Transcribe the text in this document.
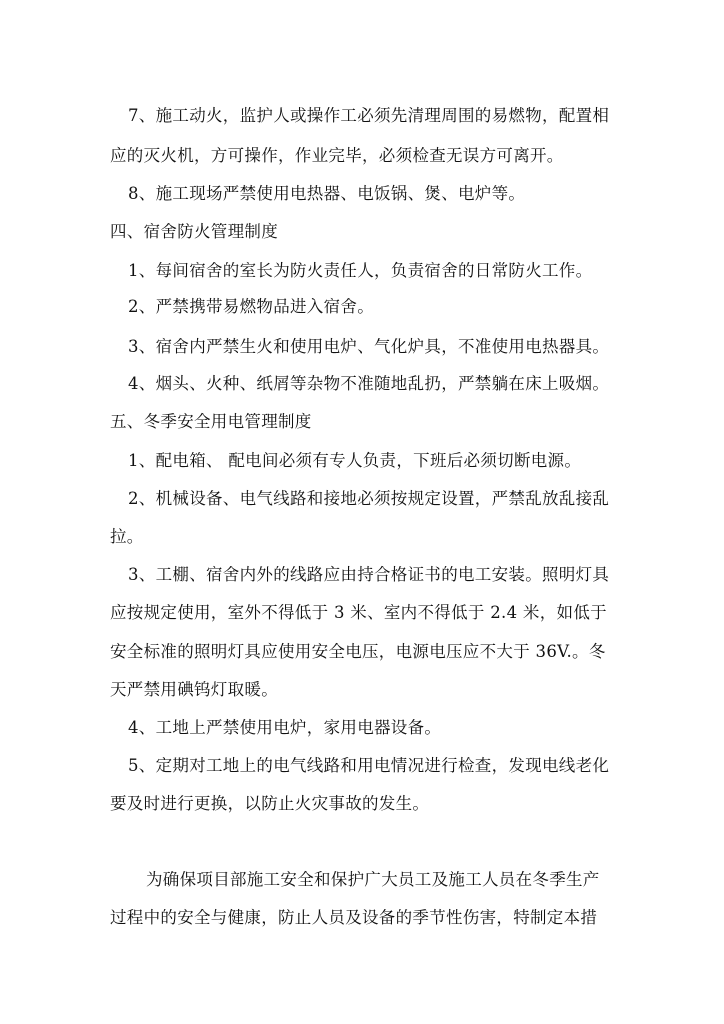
7、施工动火，监护人或操作工必须先清理周围的易燃物，配置相
应的灭火机，方可操作，作业完毕，必须检查无误方可离开。
8、施工现场严禁使用电热器、电饭锅、煲、电炉等。
四、宿舍防火管理制度
1、每间宿舍的室长为防火责任人，负责宿舍的日常防火工作。
2、严禁携带易燃物品进入宿舍。
3、宿舍内严禁生火和使用电炉、气化炉具，不准使用电热器具。
4、烟头、火种、纸屑等杂物不准随地乱扔，严禁躺在床上吸烟。
五、冬季安全用电管理制度
1、配电箱、 配电间必须有专人负责，下班后必须切断电源。
2、机械设备、电气线路和接地必须按规定设置，严禁乱放乱接乱
拉。
3、工棚、宿舍内外的线路应由持合格证书的电工安装。照明灯具
应按规定使用，室外不得低于 3 米、室内不得低于 2.4 米，如低于
安全标准的照明灯具应使用安全电压，电源电压应不大于 36V.。冬
天严禁用碘钨灯取暖。
4、工地上严禁使用电炉，家用电器设备。
5、定期对工地上的电气线路和用电情况进行检查，发现电线老化
要及时进行更换，以防止火灾事故的发生。
为确保项目部施工安全和保护广大员工及施工人员在冬季生产
过程中的安全与健康，防止人员及设备的季节性伤害，特制定本措
